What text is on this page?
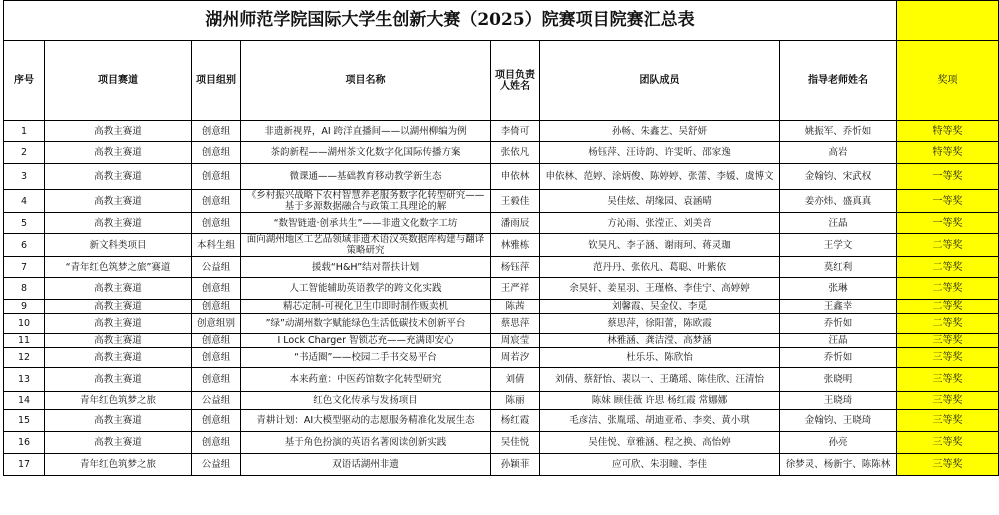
湖州师范学院国际大学生创新大赛（2025）院赛项目院赛汇总表							
序号	项目赛道	项目组别	项目名称	项目负责人姓名	团队成员	指导老师姓名	奖项
1	高教主赛道	创意组	非遗新视界，AI 跨洋直播间——以湖州柳编为例	李倚可	孙畅、朱鑫艺、吴舒妍	姚振军、乔忻如	特等奖
2	高教主赛道	创意组	茶韵新程——湖州茶文化数字化国际传播方案	张依凡	杨钰萍、汪诗韵、许雯昕、邵家逸	高岩	特等奖
3	高教主赛道	创意组	微课通——基础教育移动教学新生态	申依林	申依林、范婷、涂炳俊、陈婷婷、张蕾、李媛、虞博文	金翰钧、宋武权	一等奖
4	高教主赛道	创意组	《乡村振兴战略下农村智慧养老服务数字化转型研究——基于多源数据融合与政策工具理论的解	王毅佳	吴佳炫、胡缘园、袁涵晴	姜亦炜、盛真真	一等奖
5	高教主赛道	创意组	“数智链遗·创承共生”——非遗文化数字工坊	潘雨辰	方沁雨、张滢正、刘美音	汪晶	一等奖
6	新文科类项目	本科生组	面向湖州地区工艺品领域非遗术语汉英数据库构建与翻译策略研究	林雅栋	钦昊凡、李子涵、谢雨珂、蒋灵珈	王学文	二等奖
7	“青年红色筑梦之旅”赛道	公益组	援载“H&H”结对帮扶计划	杨钰萍	范丹丹、张依凡、葛聪、叶紫依	莫红利	二等奖
8	高教主赛道	创意组	人工智能辅助英语教学的跨文化实践	王严祥	余昊轩、姜星羽、王瑾格、李佳宁、高婷婷	张琳	二等奖
9	高教主赛道	创意组	精芯定制-可视化卫生巾即时制作贩卖机	陈茜	刘馨霞、吴金仪、李觅	王鑫幸	二等奖
10	高教主赛道	创意组别	”绿”动湖州数字赋能绿色生活低碳技术创新平台	蔡思萍	蔡思萍，徐阳蕾，陈欧霞	乔忻如	二等奖
11	高教主赛道	创意组	I Lock Charger 智锁芯充——充满即安心	周宸莹	林雅涵、龚洁滢、高梦涵	汪晶	三等奖
12	高教主赛道	创意组	“书适圈”——校园二手书交易平台	周若汐	杜乐乐、陈欣怡	乔忻如	三等奖
13	高教主赛道	创意组	本来药童：中医药馆数字化转型研究	刘倩	刘倩、蔡舒怡、裴以一、王璐瑶、陈佳欣、汪清怡	张晓明	三等奖
14	青年红色筑梦之旅	公益组	红色文化传承与发扬项目	陈丽	陈妹 顾佳薇 许思 杨红霞 常娜娜	王晓琦	三等奖
15	高教主赛道	创意组	青耕计划：AI大模型驱动的志愿服务精准化发展生态	杨红霞	毛彦洁、张胤瑶、胡迪亚希、李奕、黄小琪	金翰钧、王晓琦	三等奖
16	高教主赛道	创意组	基于角色扮演的英语名著阅读创新实践	吴佳悦	吴佳悦、章雅涵、程之换、高怡婷	孙亮	三等奖
17	青年红色筑梦之旅	公益组	双语话湖州非遗	孙颖菲	应可欣、朱羽瞳、李佳	徐梦灵、杨新宇、陈陈林	三等奖
